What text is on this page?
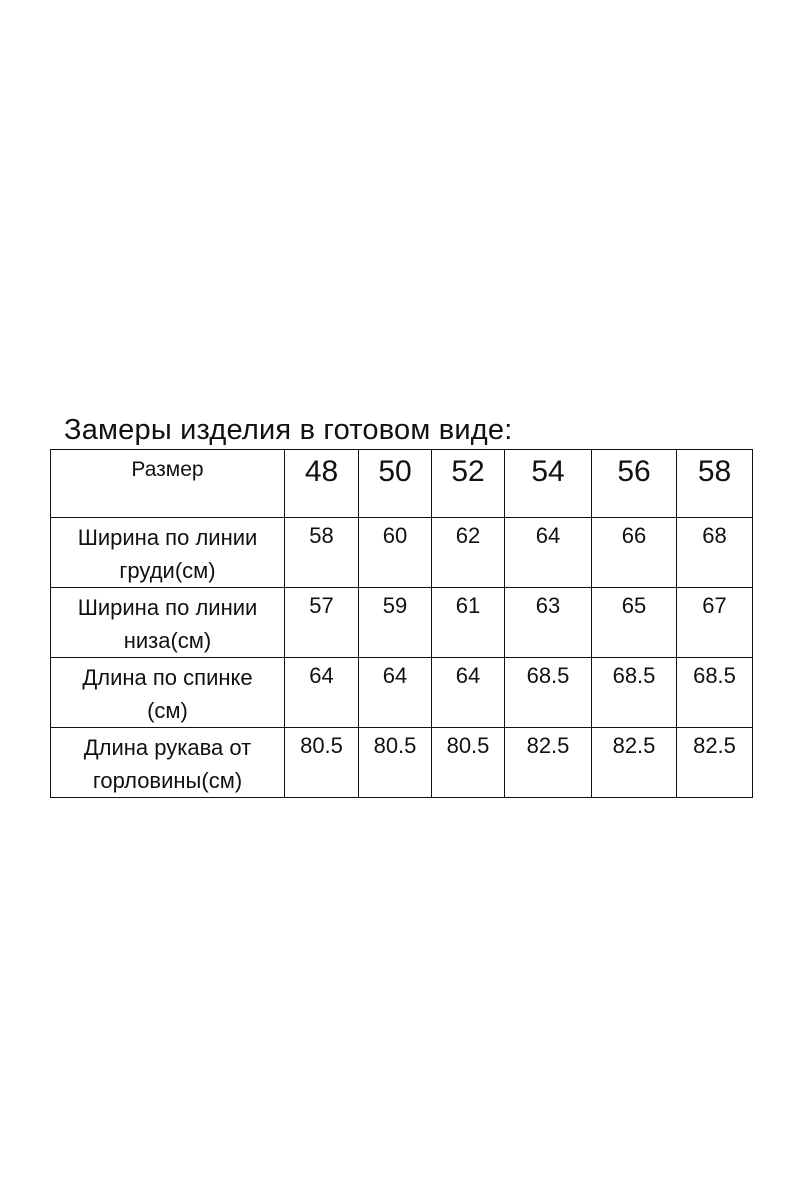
Замеры изделия в готовом виде:
Размер	48	50	52	54	56	58
Ширина по линии
груди(см)	58	60	62	64	66	68
Ширина по линии
низа(см)	57	59	61	63	65	67
Длина по спинке
(см)	64	64	64	68.5	68.5	68.5
Длина рукава от
горловины(см)	80.5	80.5	80.5	82.5	82.5	82.5
